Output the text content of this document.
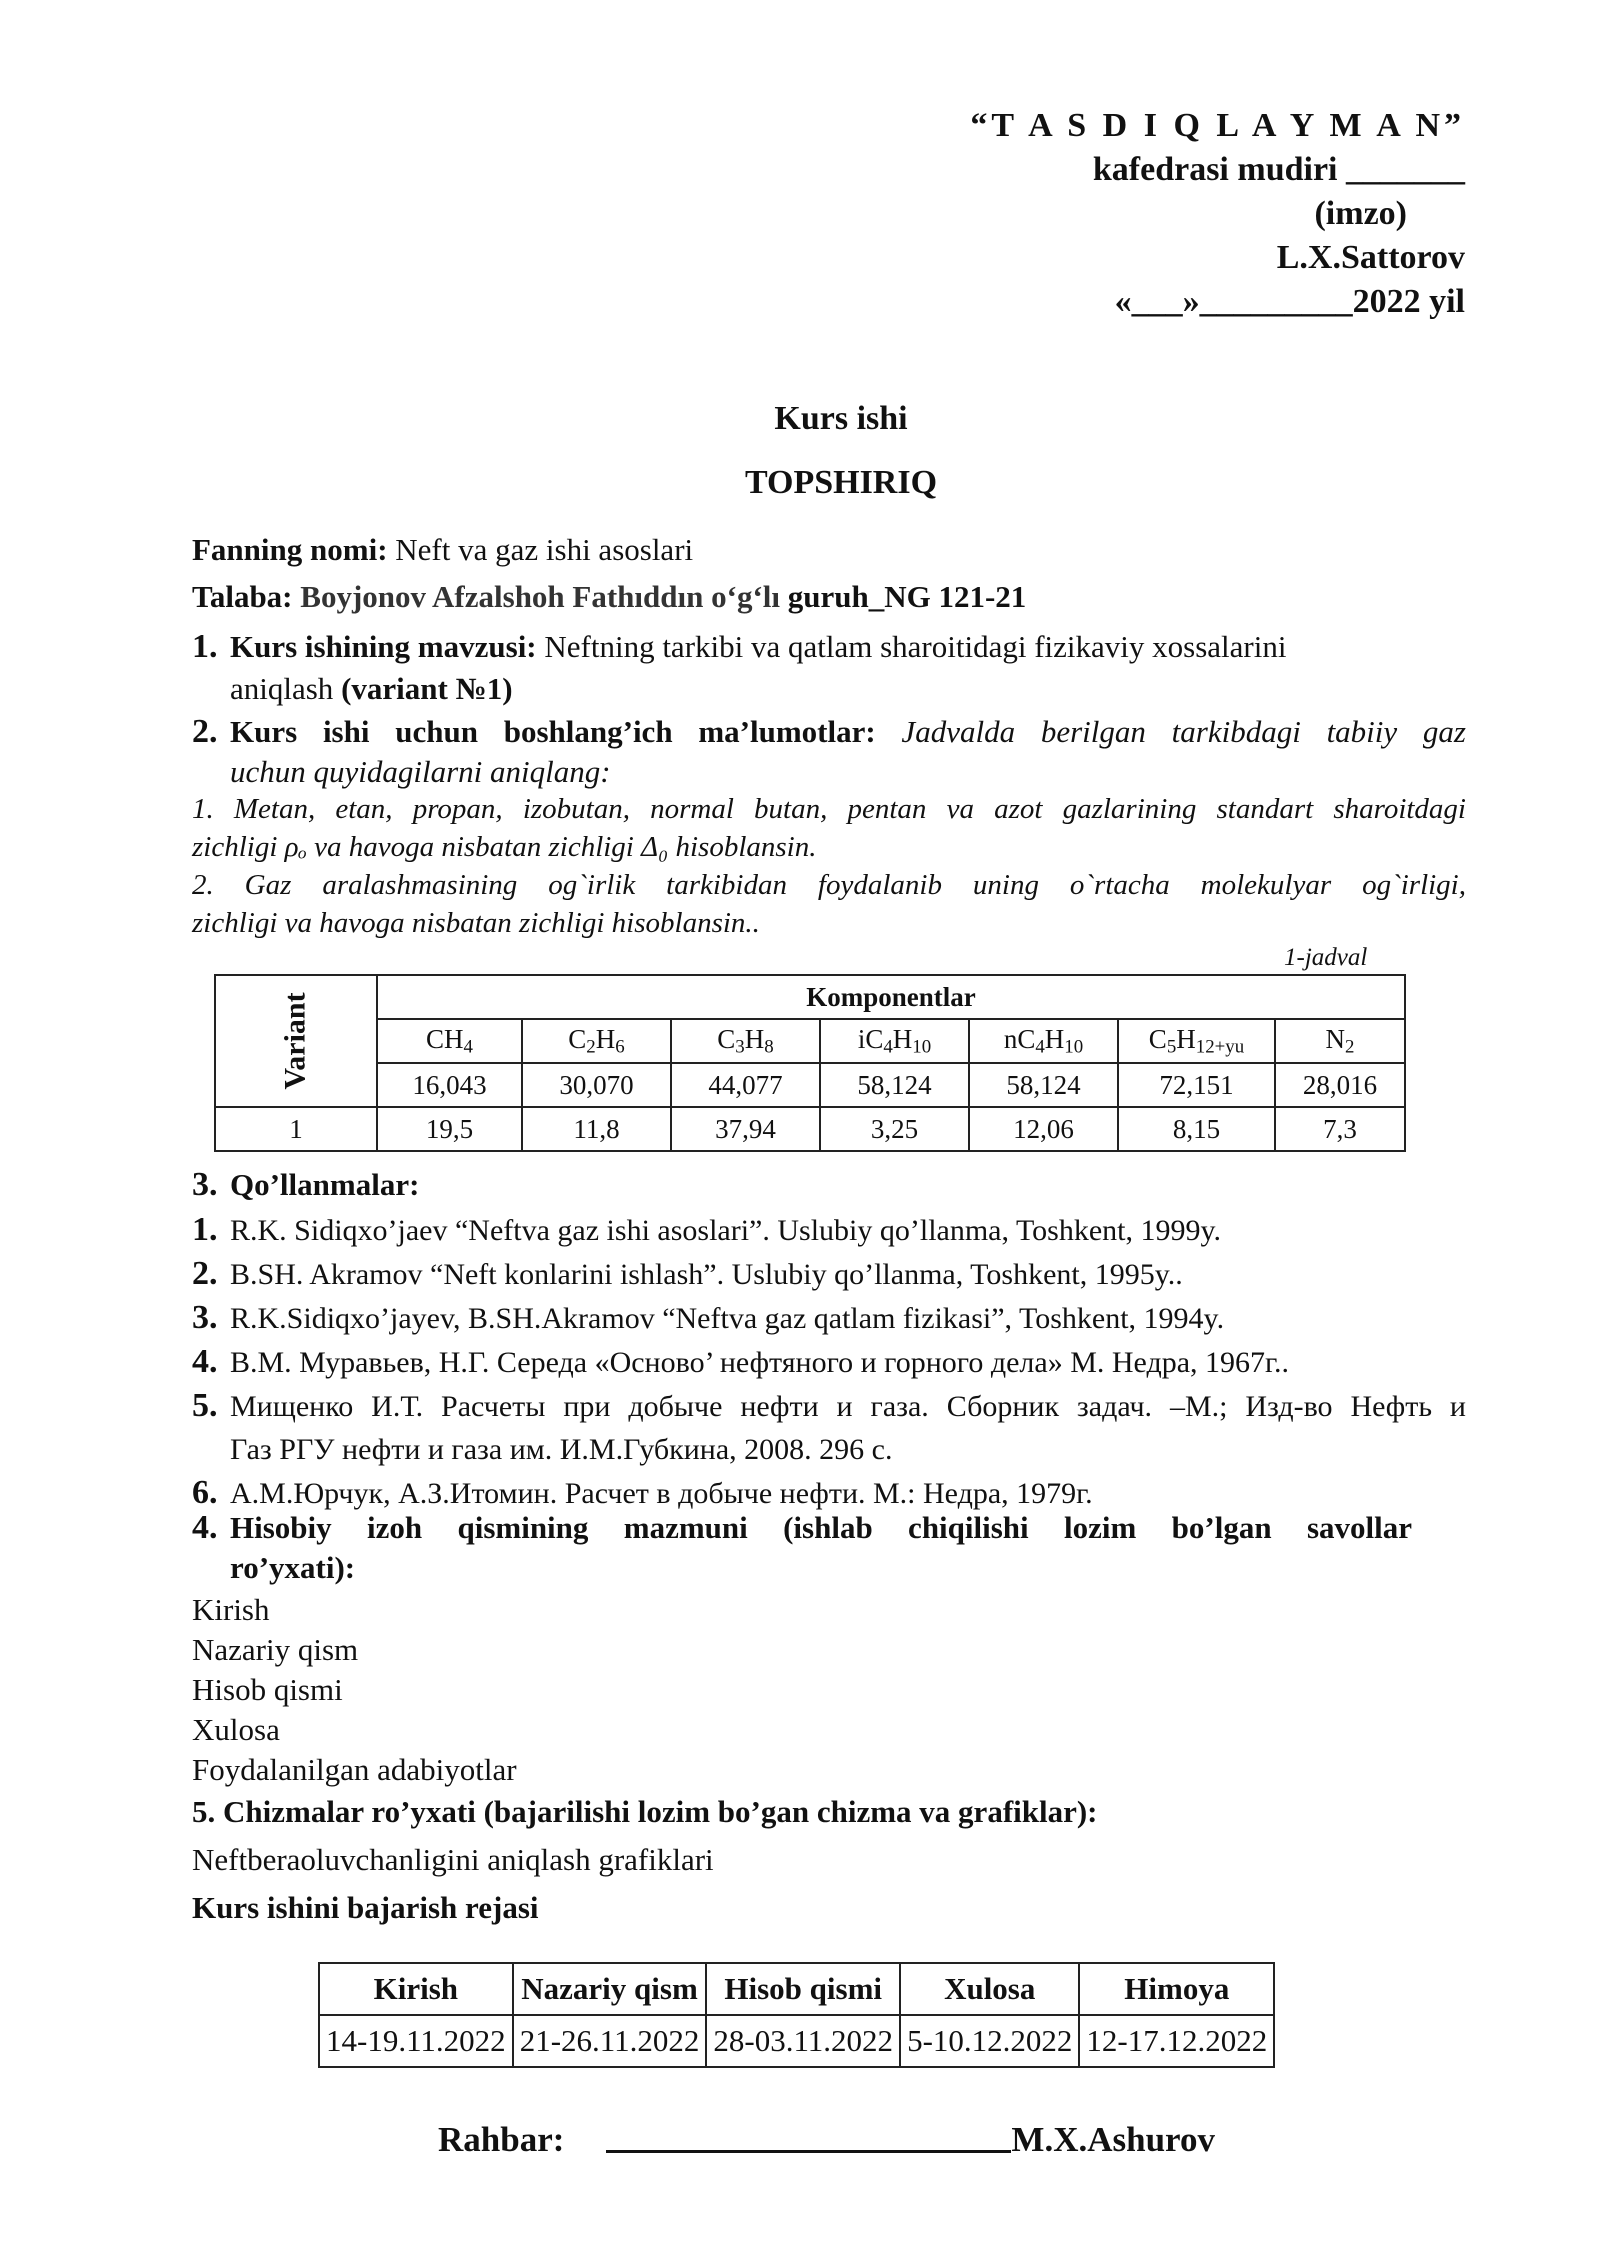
“T A S D I Q L A Y M A N”
kafedrasi mudiri _______
(imzo)
L.X.Sattorov
«___»_________2022 yil
Kurs ishi
TOPSHIRIQ
Fanning nomi: Neft va gaz ishi asoslari
Talaba: Boyjonov Afzalshoh Fathıddın o‘g‘lı guruh_NG 121-21
1. Kurs ishining mavzusi: Neftning tarkibi va qatlam sharoitidagi fizikaviy xossalarini
aniqlash (variant №1)
2. Kurs ishi uchun boshlang’ich ma’lumotlar: Jadvalda berilgan tarkibdagi tabiiy gaz
uchun quyidagilarni aniqlang:
1. Metan, etan, propan, izobutan, normal butan, pentan va azot gazlarining standart sharoitdagi
zichligi ρₒ va havoga nisbatan zichligi Δ₀ hisoblansin.
2. Gaz aralashmasining og`irlik tarkibidan foydalanib uning o`rtacha molekulyar og`irligi,
zichligi va havoga nisbatan zichligi hisoblansin..
1-jadval
Variant	Komponentlar						
	$CH_4$	$C_2H_6$	$C_3H_8$	$iC_4H_{10}$	$nC_4H_{10}$	$C_5H_{12+yu}$	$N_2$
	16,043	30,070	44,077	58,124	58,124	72,151	28,016
1	19,5	11,8	37,94	3,25	12,06	8,15	7,3
3. Qo’llanmalar:
1. R.K. Sidiqxo’jaev “Neftva gaz ishi asoslari”. Uslubiy qo’llanma, Toshkent, 1999y.
2. B.SH. Akramov “Neft konlarini ishlash”. Uslubiy qo’llanma, Toshkent, 1995y..
3. R.K.Sidiqxo’jayev, B.SH.Akramov “Neftva gaz qatlam fizikasi”, Toshkent, 1994y.
4. В.М. Муравьев, Н.Г. Середа «Осново’ нефтяного и горного дела» М. Недра, 1967г..
5. Мищенко И.Т. Расчеты при добыче нефти и газа. Сборник задач. –М.; Изд-во Нефть и
Газ РГУ нефти и газа им. И.М.Губкина, 2008. 296 с.
6. А.М.Юрчук, А.З.Итомин. Расчет в добыче нефти. М.: Недра, 1979г.
4. Hisobiy izoh qismining mazmuni (ishlab chiqilishi lozim bo’lgan savollar
ro’yxati):
Kirish
Nazariy qism
Hisob qismi
Xulosa
Foydalanilgan adabiyotlar
5. Chizmalar ro’yxati (bajarilishi lozim bo’gan chizma va grafiklar):
Neftberaoluvchanligini aniqlash grafiklari
Kurs ishini bajarish rejasi
Kirish	Nazariy qism	Hisob qismi	Xulosa	Himoya
14-19.11.2022	21-26.11.2022	28-03.11.2022	5-10.12.2022	12-17.12.2022
Rahbar:	M.X.Ashurov
